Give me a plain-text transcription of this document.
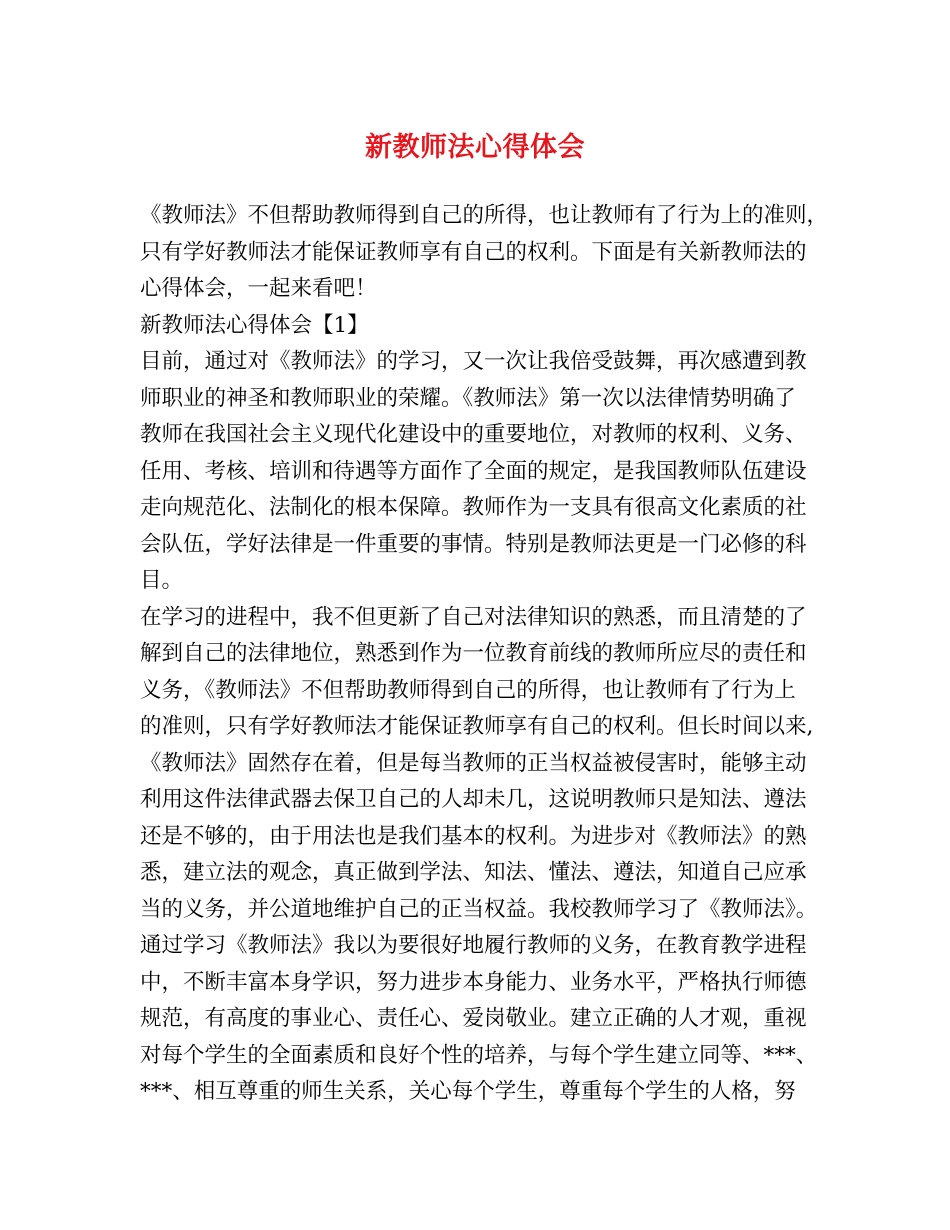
新教师法心得体会
《教师法》不但帮助教师得到自己的所得，也让教师有了行为上的准则，
只有学好教师法才能保证教师享有自己的权利。下面是有关新教师法的
心得体会，一起来看吧！
新教师法心得体会【1】
目前，通过对《教师法》的学习，又一次让我倍受鼓舞，再次感遭到教
师职业的神圣和教师职业的荣耀。《教师法》第一次以法律情势明确了
教师在我国社会主义现代化建设中的重要地位，对教师的权利、义务、
任用、考核、培训和待遇等方面作了全面的规定，是我国教师队伍建设
走向规范化、法制化的根本保障。教师作为一支具有很高文化素质的社
会队伍，学好法律是一件重要的事情。特别是教师法更是一门必修的科
目。
在学习的进程中，我不但更新了自己对法律知识的熟悉，而且清楚的了
解到自己的法律地位，熟悉到作为一位教育前线的教师所应尽的责任和
义务，《教师法》不但帮助教师得到自己的所得，也让教师有了行为上
的准则，只有学好教师法才能保证教师享有自己的权利。但长时间以来,
《教师法》固然存在着，但是每当教师的正当权益被侵害时，能够主动
利用这件法律武器去保卫自己的人却未几，这说明教师只是知法、遵法
还是不够的，由于用法也是我们基本的权利。为进步对《教师法》的熟
悉，建立法的观念，真正做到学法、知法、懂法、遵法，知道自己应承
当的义务，并公道地维护自己的正当权益。我校教师学习了《教师法》。
通过学习《教师法》我以为要很好地履行教师的义务，在教育教学进程
中，不断丰富本身学识，努力进步本身能力、业务水平，严格执行师德
规范，有高度的事业心、责任心、爱岗敬业。建立正确的人才观，重视
对每个学生的全面素质和良好个性的培养，与每个学生建立同等、***、
***、相互尊重的师生关系，关心每个学生，尊重每个学生的人格，努
